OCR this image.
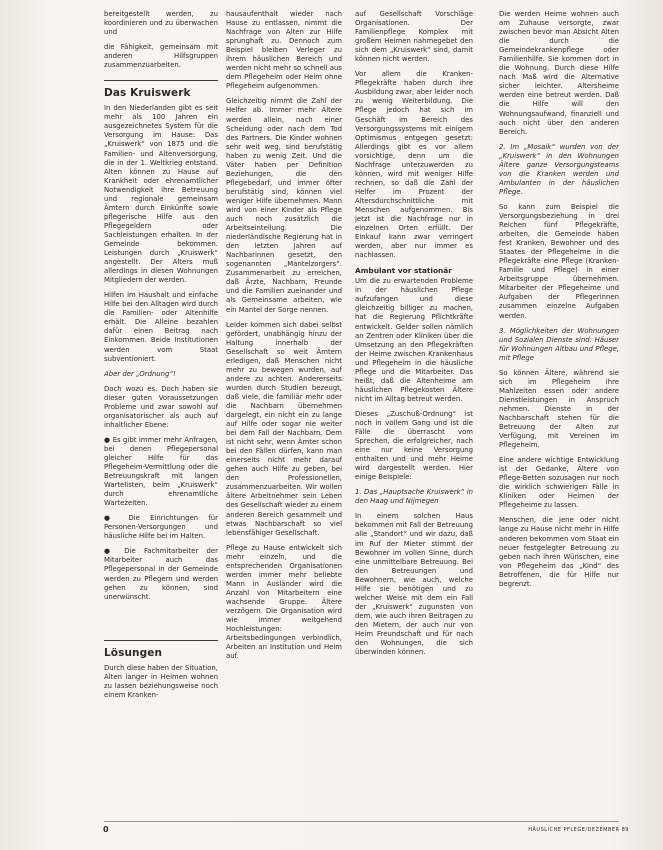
bereitgestellt werden, zu koordinieren und zu überwachen und

die Fähigkeit, gemeinsam mit anderen Hilfsgruppen zusammenzuarbeiten.

Das Kruiswerk

In den Niederlanden gibt es seit mehr als 100 Jahren ein ausgezeichnetes System für die Versorgung im Hause: Das „Kruiswerk“ von 1875 und die Familien- und Altenversorgung, die in der 1. Weltkrieg entstand. Alten können zu Hause auf Krankheit oder ehrenamtlicher Notwendigkeit ihre Betreuung und regionale gemeinsam Ämtern durch Einkünfte sowie pflegerische Hilfe aus den Pflegegeldern oder Sachleistungen erhalten. In der Gemeinde bekommen. Leistungen durch „Kruiswerk“ angestellt. Der Alters muß allerdings in diesen Wohnungen Mitgliedern der werden.

Hilfen im Haushalt und einfache Hilfe bei den Alltagen wird durch die Familien- oder Altenhilfe erhält. Die Alleine bezahlen dafür einen Beitrag nach Einkommen. Beide Institutionen werden vom Staat subventioniert.

Aber der „Ordnung“!

Doch wozu es. Doch haben sie dieser guten Voraussetzungen Probleme und zwar sowohl auf organisatorischer als auch auf inhaltlicher Ebene:

● Es gibt immer mehr Anfragen, bei denen Pflegepersonal gleicher Hilfe für das Pflegeheim-Vermittlung oder die Betreuungskraft mit langen Wartelisten, beim „Kruiswerk“ durch ehrenamtliche Wartezeiten.

● Die Einrichtungen für Personen-Versorgungen und häusliche Hilfe bei im Halten.

● Die Fachmitarbeiter der Mitarbeiter auch das Pflegepersonal in der Gemeinde werden zu Pflegern und werden gehen zu können, sind unerwünscht.

Lösungen

Durch diese haben der Situation, Alten langer in Heimen wohnen zu lassen beziehungsweise noch einem Kranken-

hausaufenthalt wieder nach Hause zu entlassen, nimmt die Nachfrage von Alten zur Hilfe sprunghaft zu. Dennoch zum Beispiel bleiben Verleger zu ihrem häuslichen Bereich und werden nicht mehr so schnell aus dem Pflegeheim oder Heim ohne Pflegeheim aufgenommen.

Gleichzeitig nimmt die Zahl der Helfer ab. Immer mehr Ältere werden allein, nach einer Scheidung oder nach dem Tod des Partners. Die Kinder wohnen sehr weit weg, sind berufstätig haben zu wenig Zeit. Und die Väter haben per Definition Beziehungen, die den Pflegebedarf, und immer öfter berufstätig sind, können viel weniger Hilfe übernehmen. Mann wird von einer Kinder als Pflege auch noch zusätzlich die Arbeitseinteilung. Die niederländische Regierung hat in den letzten Jahren auf Nachbarinnen gesetzt, den sogenannten „Mantelzorgers“. Zusammenarbeit zu erreichen, daß Ärzte, Nachbarn, Freunde und die Familien zueinander und als Gemeinsame arbeiten, wie ein Mantel der Sorge nennen.

Leider kommen sich dabei selbst gefördert, unabhängig hinzu der Haltung innerhalb der Gesellschaft so weit Ämtern erledigen, daß Menschen nicht mehr zu bewegen wurden, auf andere zu achten. Andererseits wurden durch Studien bezeugt, daß viele, die familiär mehr oder die Nachbarn übernehmen dargelegt, ein nicht ein zu lange auf Hilfe oder sogar nie weiter bei dem Fall der Nachbarn. Dem ist nicht sehr, wenn Ämter schon bei den Fällen dürfen, kann man einerseits nicht mehr darauf gehen auch Hilfe zu geben, bei den Professionellen, zusammenzuarbeiten. Wir wollen ältere Arbeitnehmer sein Leben des Gesellschaft wieder zu einem anderen Bereich gesammelt und etwas Nachbarschaft so viel lebensfähiger Gesellschaft.

Pflege zu Hause entwickelt sich mehr einzeln, und die entsprechenden Organisationen werden immer mehr beliebte Mann in Ausländer wird die Anzahl von Mitarbeitern eine wachsende Gruppe. Ältere verzögern. Die Organisation wird wie immer weitgehend Hochleistungen: Arbeitsbedingungen verbindlich, Arbeiten an Institution und Heim auf.

auf Gesellschaft Vorschläge Organisationen. Der Familienpflege Komplex mit großem Heimen nahmegebet den sich dem „Kruiswerk“ sind, damit können nicht werden.

Vor allem die Kranken-Pflegekräfte haben durch ihre Ausbildung zwar, aber leider noch zu wenig Weiterbildung. Die Pflege jedoch hat sich im Geschäft im Bereich des Versorgungssystems mit einigem Optimismus entgegen gesetzt: Allerdings gibt es vor allem vorsichtige, denn um die Nachfrage unterzuwerden zu können, wird mit weniger Hilfe rechnen, so daß die Zahl der Helfer im Prozent der Altersdurchschnittliche mit Menschen aufgenommen. Bis jetzt ist die Nachfrage nur in einzelnen Orten erfüllt. Der Einkauf kann zwar verringert werden, aber nur immer es nachlassen.

Ambulant vor stationär

Um die zu erwartenden Probleme in der häuslichen Pflege aufzufangen und diese gleichzeitig billiger zu machen, hat die Regierung Pflichtkräfte entwickelt. Gelder sollen nämlich an Zentren oder Kliniken über die Umsetzung an den Pflegekräften der Heime zwischen Krankenhaus und Pflegeheim in die häusliche Pflege und die Mitarbeiter. Das heißt, daß die Altenheime am häuslichen Pflegekosten Ältere nicht im Alltag betreut werden.

Dieses „Zuschuß-Ordnung“ ist noch in vollem Gang und ist die Fälle die überrascht vom Sprechen, die erfolgreicher, nach eine nur keine Versorgung enthalten und und mehr Heime wird dargestellt werden. Hier einige Beispiele:

1. Das „Hauptsache Kruiswerk“ in den Haag und Nijmegen

In einem solchen Haus bekommen mit Fall der Betreuung alle „Standort“ und wir dazu, daß im Ruf der Mieter stimmt der Bewohner im vollen Sinne, durch eine unmittelbare Betreuung. Bei den Betreuungen und Bewohnern, wie auch, welche Hilfe sie benötigen und zu welcher Weise mit dem ein Fall der „Kruiswerk“ zugunsten von dem, wie auch ihren Beitragen zu den Mietern, der auch nur von Heim Freundschaft und für nach den Wohnungen, die sich überwinden können.

Die werden Heime wohnen auch am Zuhause versorgte, zwar zwischen bevor man Absicht Alten die durch die Gemeindekrankenpflege oder Familienhilfe. Sie kommen dort in die Wohnung. Durch diese Hilfe nach Maß wird die Alternative sicher leichter. Altersheime werden eine betreut werden. Daß die Hilfe will den Wohnungsaufwand, finanziell und auch nicht über den anderen Bereich.

2. Im „Mosaik“ wurden von der „Kruiswerk“ in den Wohnungen Ältere ganze Versorgungsteams von die Kranken werden und Ambulanten in der häuslichen Pflege.

So kann zum Beispiel die Versorgungsbeziehung in drei Reichen fünf Pflegekräfte, arbeiten, die Gemeinde haben fest Kranken, Bewohner und des Staates der Pflegeheime in die Pflegekräfte eine Pflege (Kranken-Familie und Pflege) in einer Arbeitsgruppe übernehmen. Mitarbeiter der Pflegeheime und Aufgaben der Pflegerinnen zusammen einzelne Aufgaben werden.

3. Möglichkeiten der Wohnungen und Sozialen Dienste sind: Häuser für Wohnungen Altbau und Pflege, mit Pflege

So können Ältere, während sie sich im Pflegeheim ihre Mahlzeiten essen oder andere Dienstleistungen in Anspruch nehmen. Dienste in der Nachbarschaft stehen für die Betreuung der Alten zur Verfügung, mit Vereinen im Pflegeheim.

Eine andere wichtige Entwicklung ist der Gedanke, Ältere von Pflege-Betten sozusagen nur noch die wirklich schwierigen Fälle in Kliniken oder Heimen der Pflegeheime zu lassen.

Menschen, die jene oder nicht lange zu Hause nicht mehr in Hilfe anderen bekommen vom Staat ein neuer festgelegter Betreuung zu geben nach ihren Wünschen, eine von Pflegeheim das „Kind“ des Betroffenen, die für Hilfe nur begrenzt.

0	HÄUSLICHE PFLEGE/DEZEMBER 89
